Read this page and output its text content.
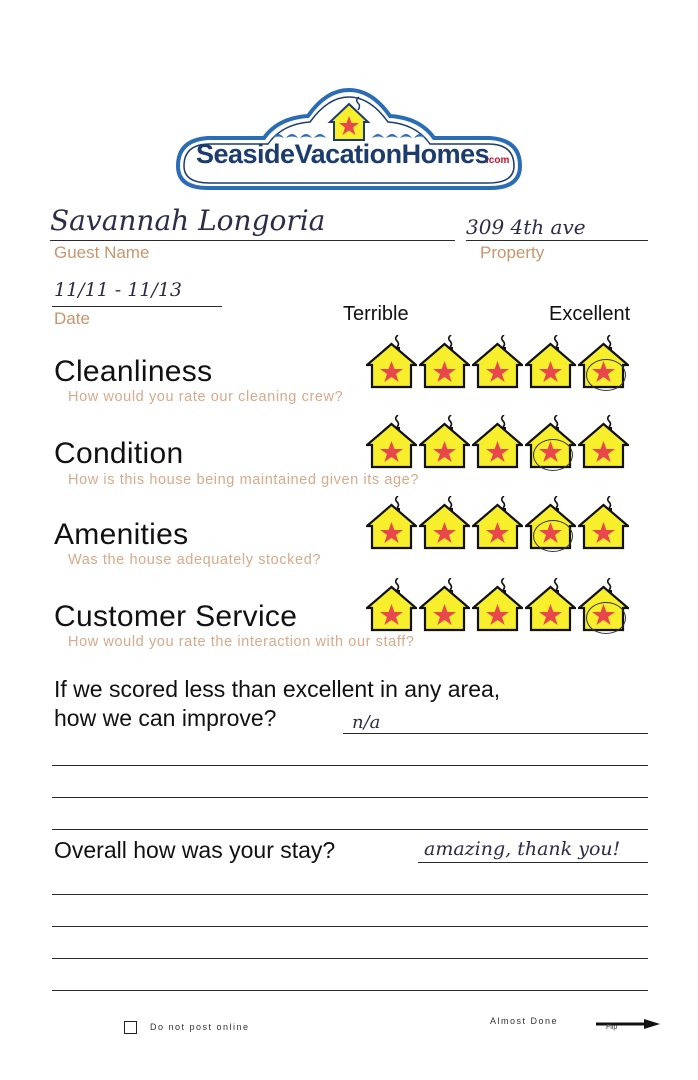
SeasideVacationHomes
.com
Savannah Longoria
Guest Name
309 4th ave
Property
11/11 - 11/13
Date	Terrible	Excellent
Cleanliness
How would you rate our cleaning crew?
Condition
How is this house being maintained given its age?
Amenities
Was the house adequately stocked?
Customer Service
How would you rate the interaction with our staff?
If we scored less than excellent in any area,
how we can improve?	n/a
Overall how was your stay?	amazing, thank you!
Do not post online
Almost Done
Flip
